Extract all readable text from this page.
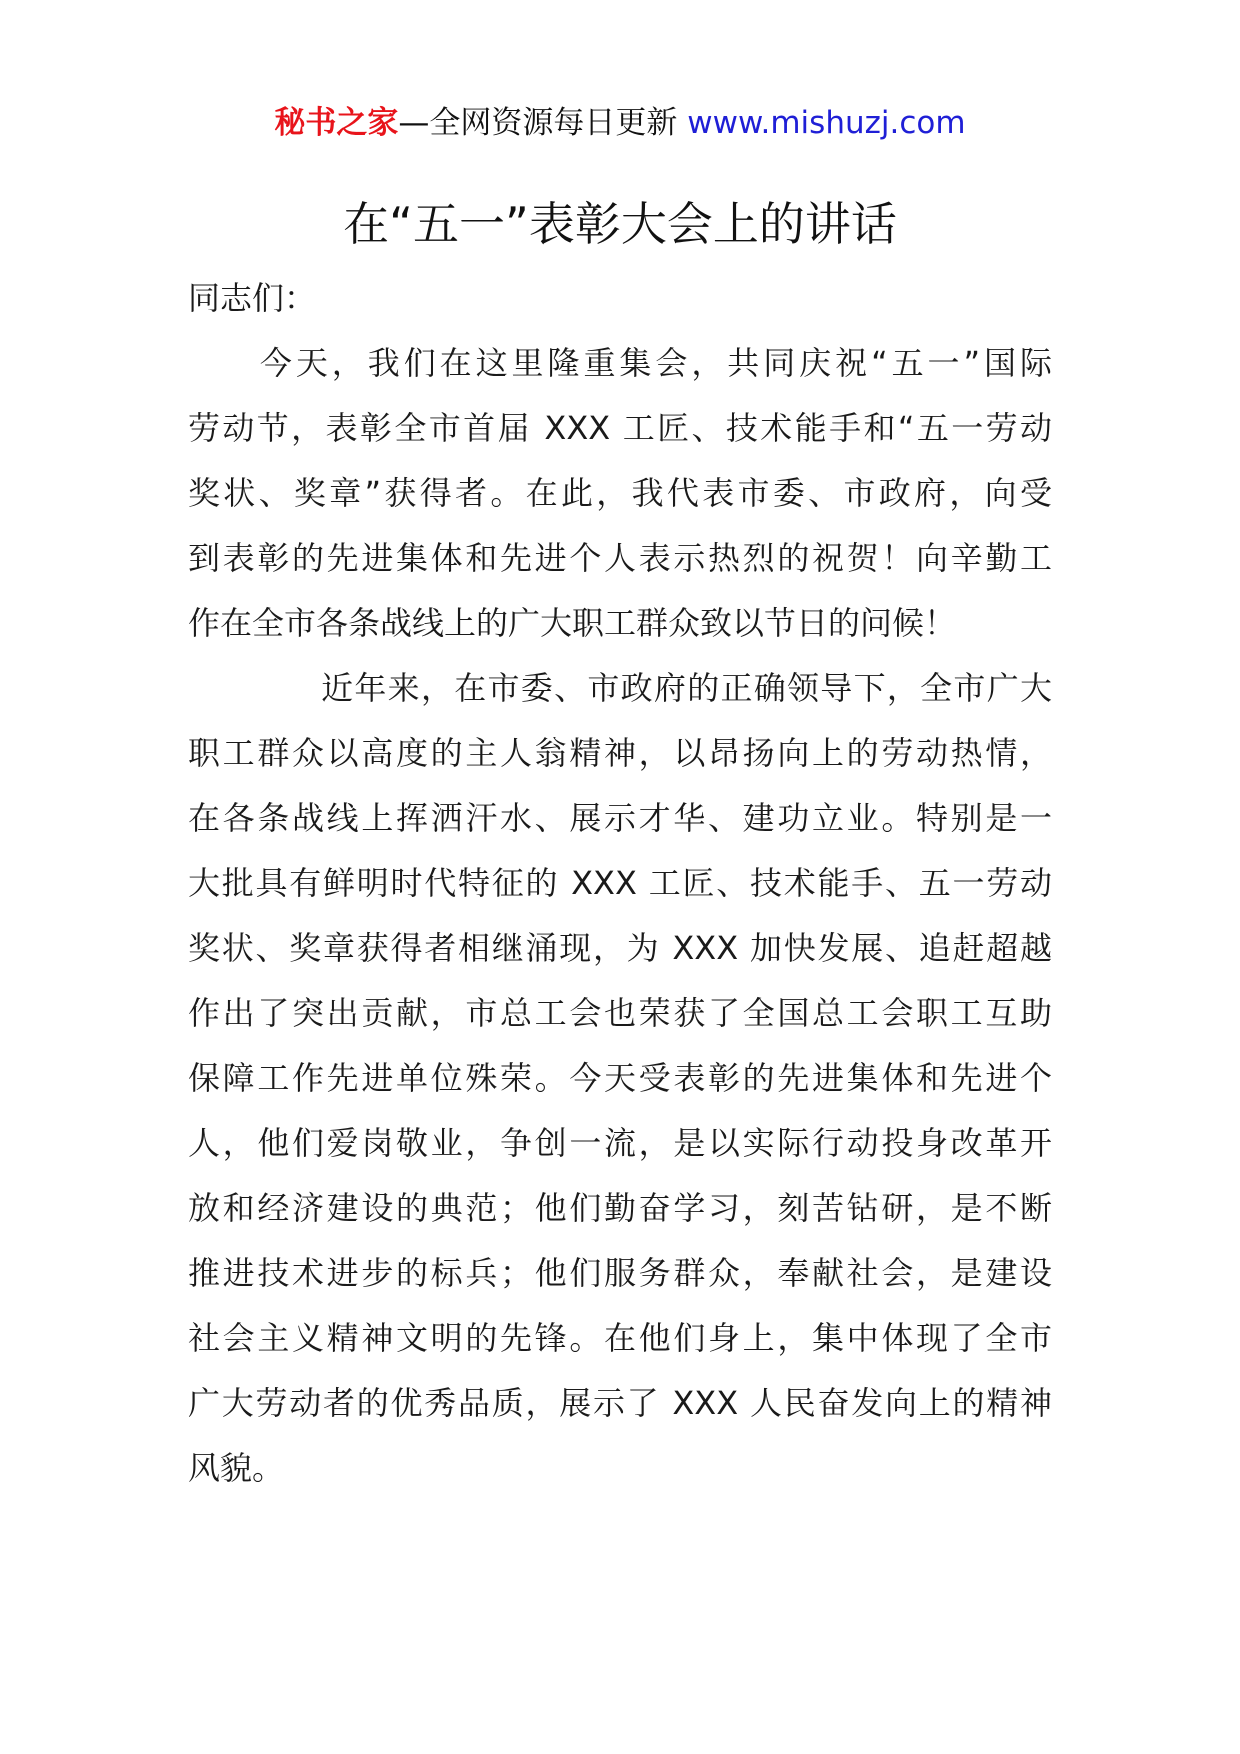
秘书之家—全网资源每日更新 www.mishuzj.com
在“五一”表彰大会上的讲话
同志们：
　　今天，我们在这里隆重集会，共同庆祝“五一”国际
劳动节，表彰全市首届 XXX 工匠、技术能手和“五一劳动
奖状、奖章”获得者。在此，我代表市委、市政府，向受
到表彰的先进集体和先进个人表示热烈的祝贺！向辛勤工
作在全市各条战线上的广大职工群众致以节日的问候！
　　　　近年来，在市委、市政府的正确领导下，全市广大
职工群众以高度的主人翁精神，以昂扬向上的劳动热情，
在各条战线上挥洒汗水、展示才华、建功立业。特别是一
大批具有鲜明时代特征的 XXX 工匠、技术能手、五一劳动
奖状、奖章获得者相继涌现，为 XXX 加快发展、追赶超越
作出了突出贡献，市总工会也荣获了全国总工会职工互助
保障工作先进单位殊荣。今天受表彰的先进集体和先进个
人，他们爱岗敬业，争创一流，是以实际行动投身改革开
放和经济建设的典范；他们勤奋学习，刻苦钻研，是不断
推进技术进步的标兵；他们服务群众，奉献社会，是建设
社会主义精神文明的先锋。在他们身上，集中体现了全市
广大劳动者的优秀品质，展示了 XXX 人民奋发向上的精神
风貌。
